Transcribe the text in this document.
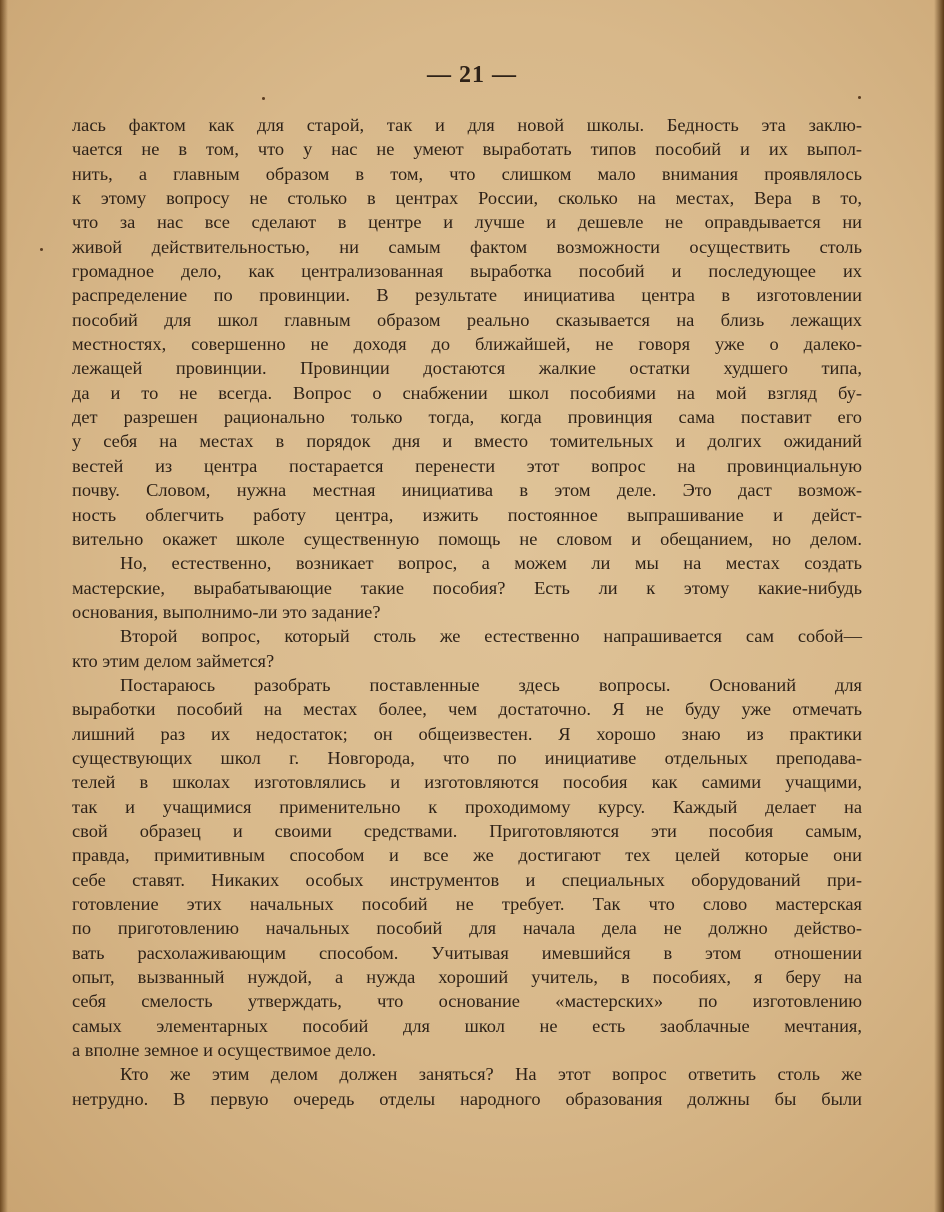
— 21 —
лась фактом как для старой, так и для новой школы. Бедность эта заклю-
чается не в том, что у нас не умеют выработать типов пособий и их выпол-
нить, а главным образом в том, что слишком мало внимания проявлялось
к этому вопросу не столько в центрах России, сколько на местах, Вера в то,
что за нас все сделают в центре и лучше и дешевле не оправдывается ни
живой действительностью, ни самым фактом возможности осуществить столь
громадное дело, как централизованная выработка пособий и последующее их
распределение по провинции. В результате инициатива центра в изготовлении
пособий для школ главным образом реально сказывается на близь лежащих
местностях, совершенно не доходя до ближайшей, не говоря уже о далеко-
лежащей провинции. Провинции достаются жалкие остатки худшего типа,
да и то не всегда. Вопрос о снабжении школ пособиями на мой взгляд бу-
дет разрешен рационально только тогда, когда провинция сама поставит его
у себя на местах в порядок дня и вместо томительных и долгих ожиданий
вестей из центра постарается перенести этот вопрос на провинциальную
почву. Словом, нужна местная инициатива в этом деле. Это даст возмож-
ность облегчить работу центра, изжить постоянное выпрашивание и дейст-
вительно окажет школе существенную помощь не словом и обещанием, но делом.
Но, естественно, возникает вопрос, а можем ли мы на местах создать
мастерские, вырабатывающие такие пособия? Есть ли к этому какие-нибудь
основания, выполнимо-ли это задание?
Второй вопрос, который столь же естественно напрашивается сам собой—
кто этим делом займется?
Постараюсь разобрать поставленные здесь вопросы. Оснований для
выработки пособий на местах более, чем достаточно. Я не буду уже отмечать
лишний раз их недостаток; он общеизвестен. Я хорошо знаю из практики
существующих школ г. Новгорода, что по инициативе отдельных преподава-
телей в школах изготовлялись и изготовляются пособия как самими учащими,
так и учащимися применительно к проходимому курсу. Каждый делает на
свой образец и своими средствами. Приготовляются эти пособия самым,
правда, примитивным способом и все же достигают тех целей которые они
себе ставят. Никаких особых инструментов и специальных оборудований при-
готовление этих начальных пособий не требует. Так что слово мастерская
по приготовлению начальных пособий для начала дела не должно действо-
вать расхолаживающим способом. Учитывая имевшийся в этом отношении
опыт, вызванный нуждой, а нужда хороший учитель, в пособиях, я беру на
себя смелость утверждать, что основание «мастерских» по изготовлению
самых элементарных пособий для школ не есть заоблачные мечтания,
а вполне земное и осуществимое дело.
Кто же этим делом должен заняться? На этот вопрос ответить столь же
нетрудно. В первую очередь отделы народного образования должны бы были
